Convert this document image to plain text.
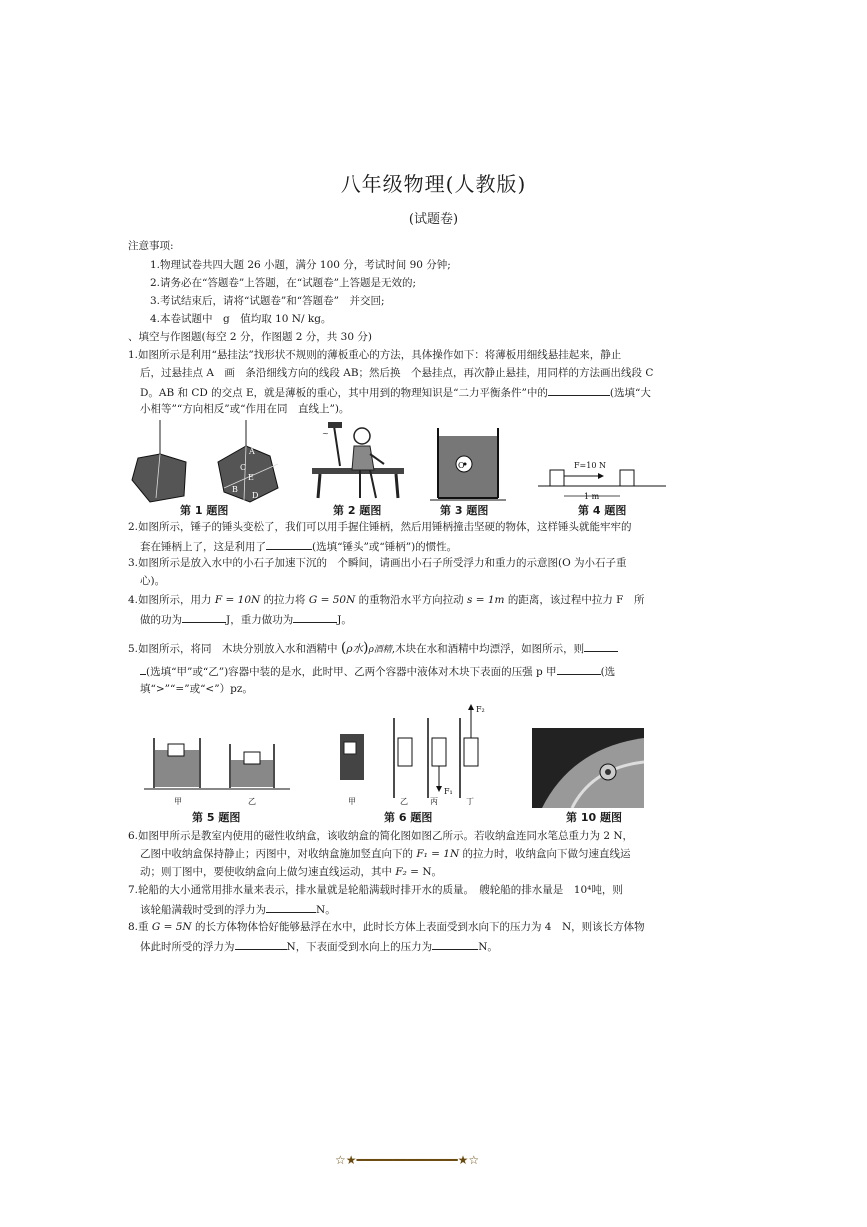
八年级物理(人教版)
(试题卷)
注意事项:
1.物理试卷共四大题 26 小题，满分 100 分，考试时间 90 分钟;
2.请务必在“答题卷”上答题，在“试题卷”上答题是无效的;
3.考试结束后，请将“试题卷”和“答题卷”　并交回;
4.本卷试题中　g　值均取 10 N/ kg。
、填空与作图题(每空 2 分，作图题 2 分，共 30 分)
1.如图所示是利用“悬挂法”找形状不规则的薄板重心的方法，具体操作如下：将薄板用细线悬挂起来，静止
后，过悬挂点 A　画　条沿细线方向的线段 AB；然后换　个悬挂点，再次静止悬挂，用同样的方法画出线段 C
D。AB 和 CD 的交点 E，就是薄板的重心，其中用到的物理知识是“二力平衡条件”中的	(选填“大
小相等”“方向相反”或“作用在同　直线上”)。
A
C
E
B
D
第 1 题图
~
第 2 题图
O
第 3 题图
F=10 N
1 m
第 4 题图
2.如图所示，锤子的锤头变松了，我们可以用手握住锤柄，然后用锤柄撞击坚硬的物体，这样锤头就能牢牢的
套在锤柄上了，这是利用了	(选填“锤头”或“锤柄”)的惯性。
3.如图所示是放入水中的小石子加速下沉的　个瞬间，请画出小石子所受浮力和重力的示意图(O 为小石子重
心)。
4.如图所示，用力 F = 10N 的拉力将 G = 50N 的重物沿水平方向拉动 s = 1m 的距离，该过程中拉力 F　所
做的功为	J，重力做功为	J。
5.如图所示，将同　木块分别放入水和酒精中 (ρ水)ρ酒精,木块在水和酒精中均漂浮，如图所示，则
(选填“甲”或“乙”)容器中装的是水，此时甲、乙两个容器中液体对木块下表面的压强 p 甲	(选
填“>”“=”或“<”）pz。
甲	乙
第 5 题图
F₁
F₂
甲	乙	丙	丁
第 6 题图	第 10 题图
6.如图甲所示是教室内使用的磁性收纳盒，该收纳盒的简化图如图乙所示。若收纳盒连同水笔总重力为 2 N，
乙图中收纳盒保持静止；丙图中，对收纳盒施加竖直向下的 F₁ = 1N 的拉力时，收纳盒向下做匀速直线运
动；则丁图中，要使收纳盒向上做匀速直线运动，其中 F₂ = N。
7.轮船的大小通常用排水量来表示，排水量就是轮船满载时排开水的质量。　艘轮船的排水量是　10⁴吨，则
该轮船满载时受到的浮力为	N。
8.重 G = 5N 的长方体物体恰好能够悬浮在水中，此时长方体上表面受到水向下的压力为 4　N，则该长方体物
体此时所受的浮力为	N，下表面受到水向上的压力为	N。
☆★━━━━━━━━━━━━━━★☆
